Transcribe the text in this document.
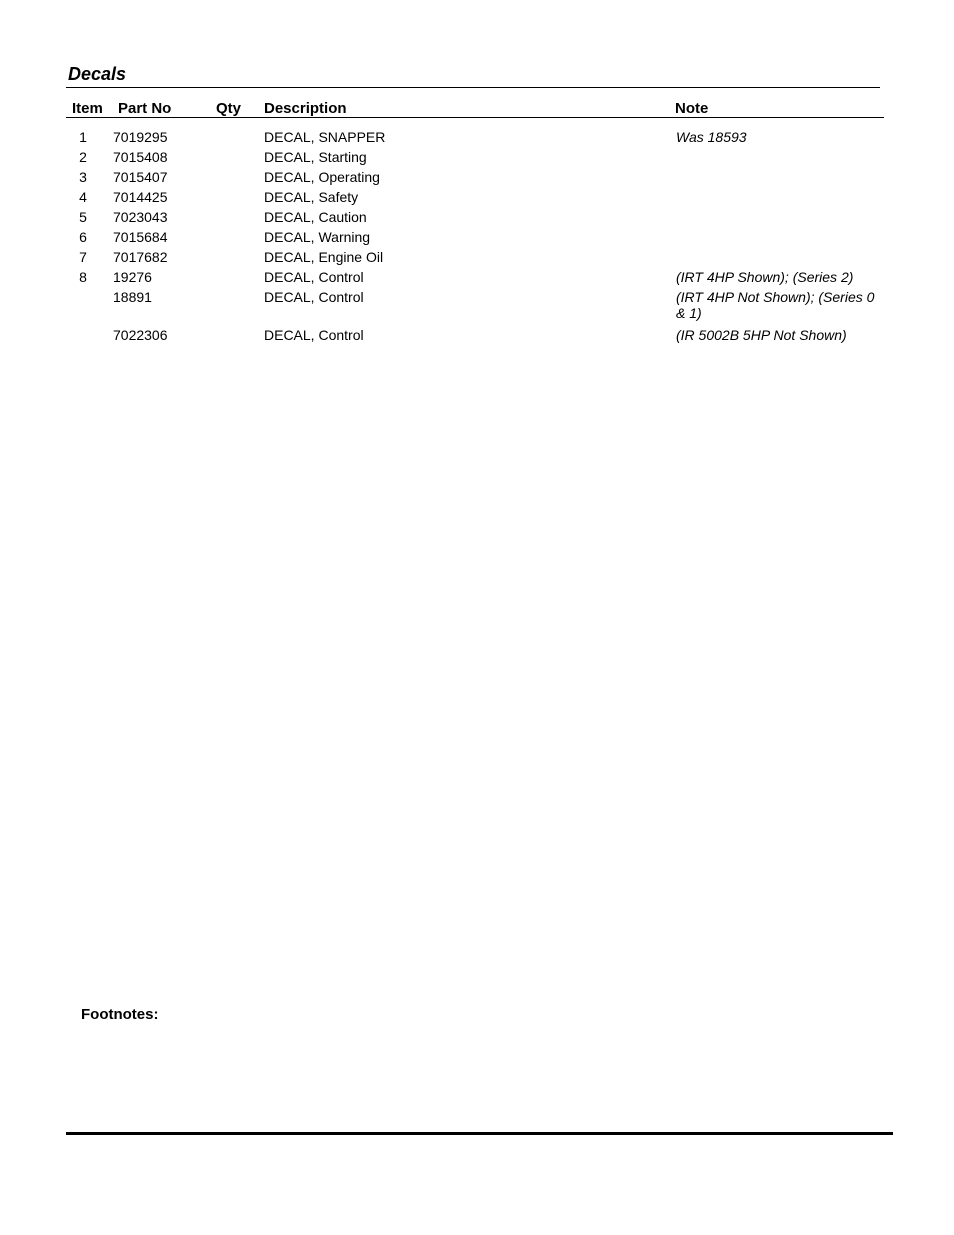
Decals
Item Part No	Qty Description	Note
1	7019295	DECAL, SNAPPER	Was 18593
2	7015408	DECAL, Starting
3	7015407	DECAL, Operating
4	7014425	DECAL, Safety
5	7023043	DECAL, Caution
6	7015684	DECAL, Warning
7	7017682	DECAL, Engine Oil
8	19276	DECAL, Control	(IRT 4HP Shown); (Series 2)
18891	DECAL, Control	(IRT 4HP Not Shown); (Series 0 & 1)
7022306	DECAL, Control	(IR 5002B 5HP Not Shown)
Footnotes:
